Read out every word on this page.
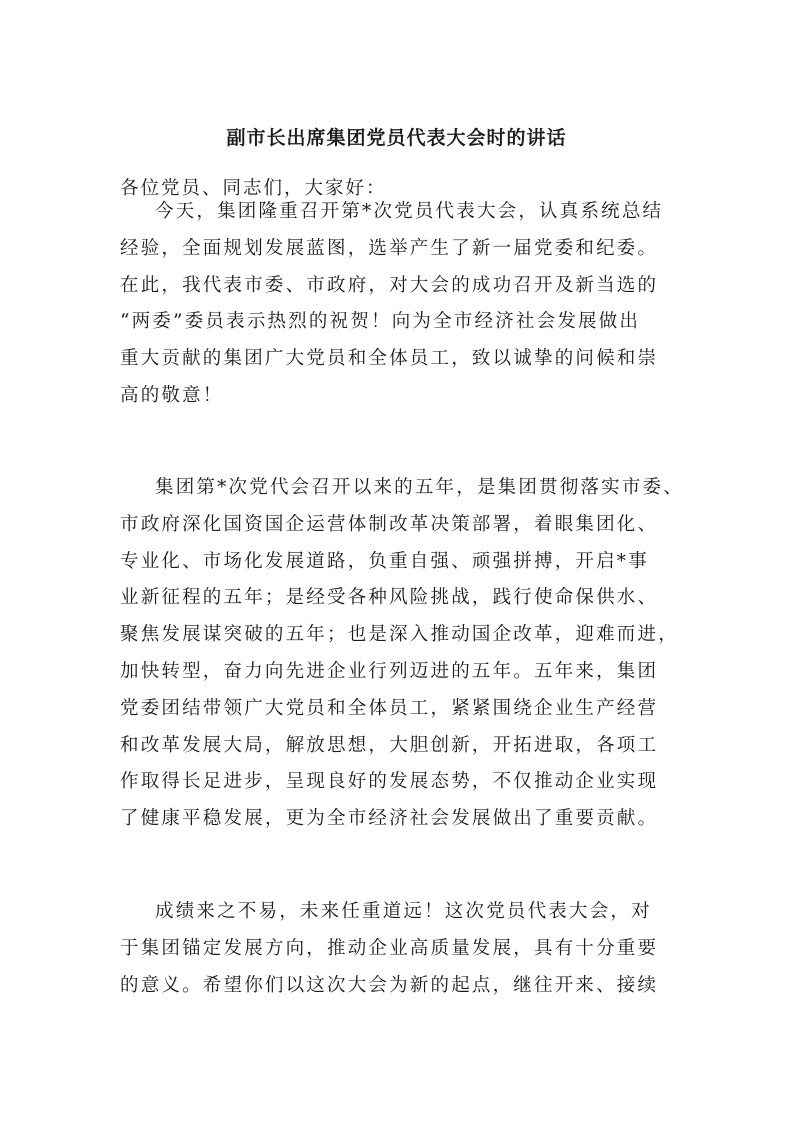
副市长出席集团党员代表大会时的讲话
各位党员、同志们，大家好：
今天，集团隆重召开第*次党员代表大会，认真系统总结
经验，全面规划发展蓝图，选举产生了新一届党委和纪委。
在此，我代表市委、市政府，对大会的成功召开及新当选的
“两委”委员表示热烈的祝贺！向为全市经济社会发展做出
重大贡献的集团广大党员和全体员工，致以诚挚的问候和崇
高的敬意！
集团第*次党代会召开以来的五年，是集团贯彻落实市委、
市政府深化国资国企运营体制改革决策部署，着眼集团化、
专业化、市场化发展道路，负重自强、顽强拼搏，开启*事
业新征程的五年；是经受各种风险挑战，践行使命保供水、
聚焦发展谋突破的五年；也是深入推动国企改革，迎难而进，
加快转型，奋力向先进企业行列迈进的五年。五年来，集团
党委团结带领广大党员和全体员工，紧紧围绕企业生产经营
和改革发展大局，解放思想，大胆创新，开拓进取，各项工
作取得长足进步，呈现良好的发展态势，不仅推动企业实现
了健康平稳发展，更为全市经济社会发展做出了重要贡献。
成绩来之不易，未来任重道远！这次党员代表大会，对
于集团锚定发展方向，推动企业高质量发展，具有十分重要
的意义。希望你们以这次大会为新的起点，继往开来、接续
